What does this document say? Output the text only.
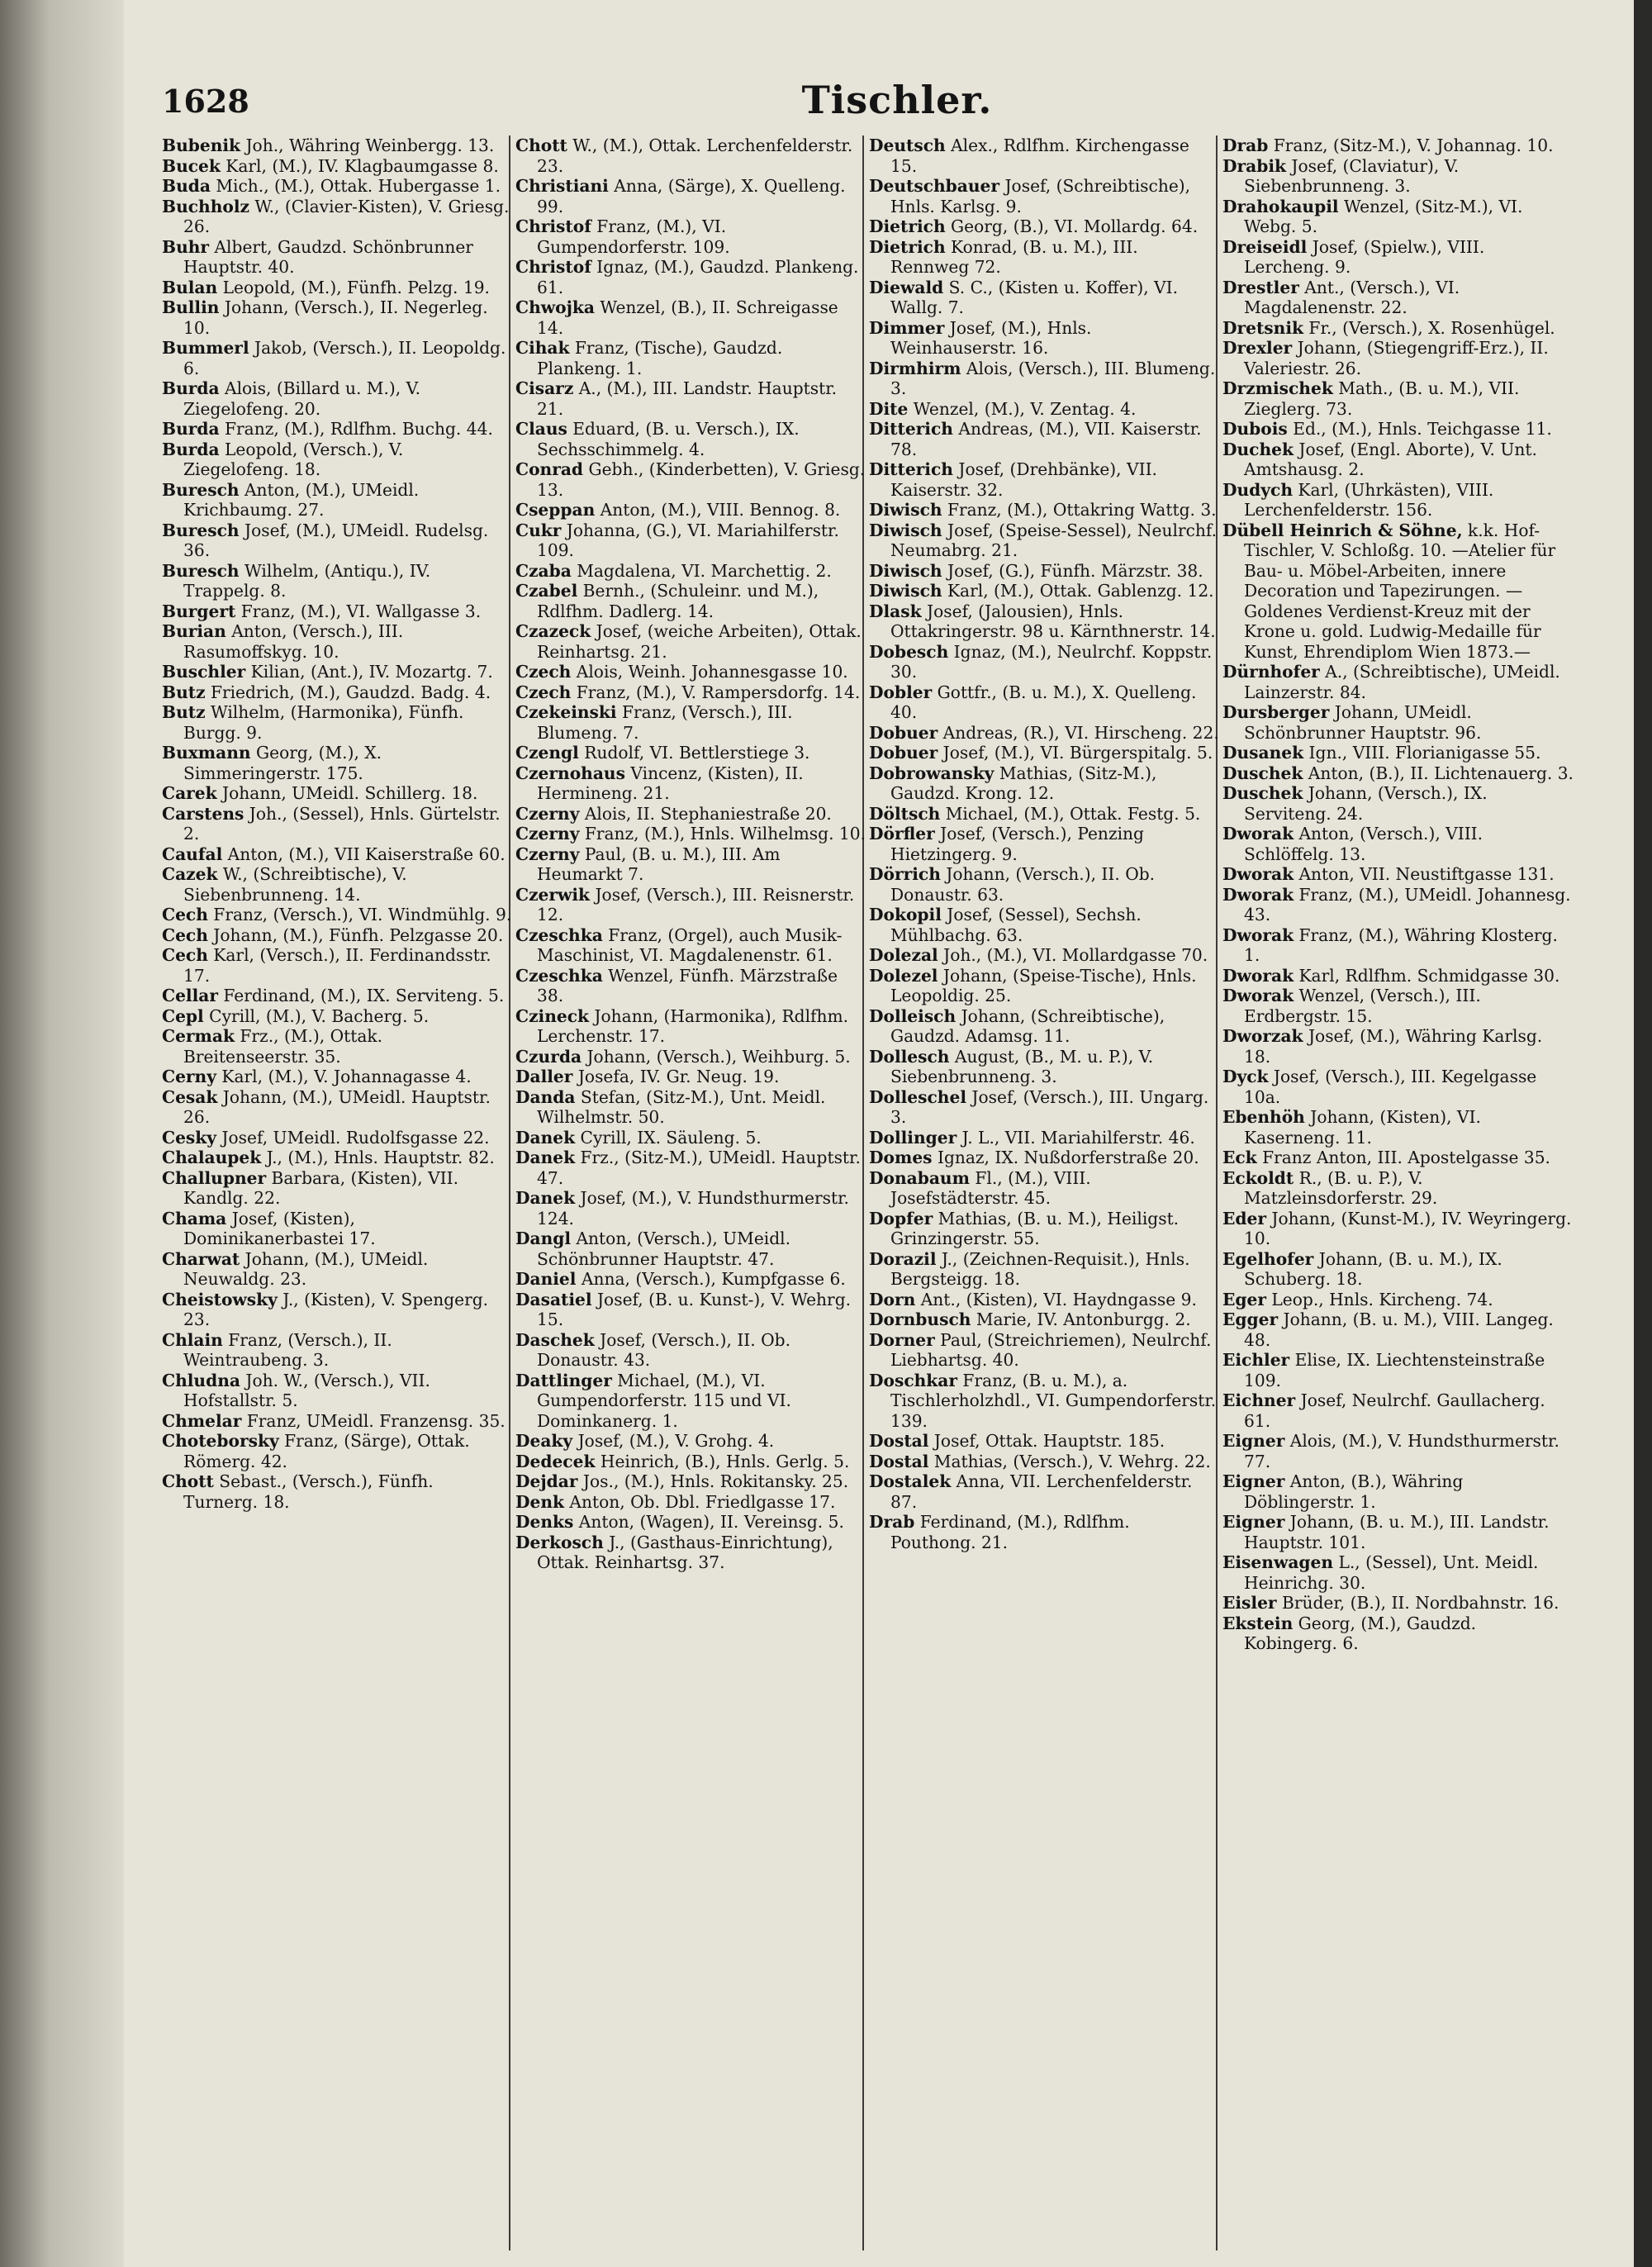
1628	Tischler.
Bubenik Joh., Währing Weinbergg. 13.
Bucek Karl, (M.), IV. Klagbaumgasse 8.
Buda Mich., (M.), Ottak. Hubergasse 1.
Buchholz W., (Clavier-Kisten), V. Griesg. 26.
Buhr Albert, Gaudzd. Schönbrunner Hauptstr. 40.
Bulan Leopold, (M.), Fünfh. Pelzg. 19.
Bullin Johann, (Versch.), II. Negerleg. 10.
Bummerl Jakob, (Versch.), II. Leopoldg. 6.
Burda Alois, (Billard u. M.), V. Ziegelofeng. 20.
Burda Franz, (M.), Rdlfhm. Buchg. 44.
Burda Leopold, (Versch.), V. Ziegelofeng. 18.
Buresch Anton, (M.), UMeidl. Krichbaumg. 27.
Buresch Josef, (M.), UMeidl. Rudelsg. 36.
Buresch Wilhelm, (Antiqu.), IV. Trappelg. 8.
Burgert Franz, (M.), VI. Wallgasse 3.
Burian Anton, (Versch.), III. Rasumoffskyg. 10.
Buschler Kilian, (Ant.), IV. Mozartg. 7.
Butz Friedrich, (M.), Gaudzd. Badg. 4.
Butz Wilhelm, (Harmonika), Fünfh. Burgg. 9.
Buxmann Georg, (M.), X. Simmeringerstr. 175.
Carek Johann, UMeidl. Schillerg. 18.
Carstens Joh., (Sessel), Hnls. Gürtelstr. 2.
Caufal Anton, (M.), VII Kaiserstraße 60.
Cazek W., (Schreibtische), V. Siebenbrunneng. 14.
Cech Franz, (Versch.), VI. Windmühlg. 9.
Cech Johann, (M.), Fünfh. Pelzgasse 20.
Cech Karl, (Versch.), II. Ferdinandsstr. 17.
Cellar Ferdinand, (M.), IX. Serviteng. 5.
Cepl Cyrill, (M.), V. Bacherg. 5.
Cermak Frz., (M.), Ottak. Breitenseerstr. 35.
Cerny Karl, (M.), V. Johannagasse 4.
Cesak Johann, (M.), UMeidl. Hauptstr. 26.
Cesky Josef, UMeidl. Rudolfsgasse 22.
Chalaupek J., (M.), Hnls. Hauptstr. 82.
Challupner Barbara, (Kisten), VII. Kandlg. 22.
Chama Josef, (Kisten), Dominikanerbastei 17.
Charwat Johann, (M.), UMeidl. Neuwaldg. 23.
Cheistowsky J., (Kisten), V. Spengerg. 23.
Chlain Franz, (Versch.), II. Weintraubeng. 3.
Chludna Joh. W., (Versch.), VII. Hofstallstr. 5.
Chmelar Franz, UMeidl. Franzensg. 35.
Choteborsky Franz, (Särge), Ottak. Römerg. 42.
Chott Sebast., (Versch.), Fünfh. Turnerg. 18.
Chott W., (M.), Ottak. Lerchenfelderstr. 23.
Christiani Anna, (Särge), X. Quelleng. 99.
Christof Franz, (M.), VI. Gumpendorferstr. 109.
Christof Ignaz, (M.), Gaudzd. Plankeng. 61.
Chwojka Wenzel, (B.), II. Schreigasse 14.
Cihak Franz, (Tische), Gaudzd. Plankeng. 1.
Cisarz A., (M.), III. Landstr. Hauptstr. 21.
Claus Eduard, (B. u. Versch.), IX. Sechsschimmelg. 4.
Conrad Gebh., (Kinderbetten), V. Griesg. 13.
Cseppan Anton, (M.), VIII. Bennog. 8.
Cukr Johanna, (G.), VI. Mariahilferstr. 109.
Czaba Magdalena, VI. Marchettig. 2.
Czabel Bernh., (Schuleinr. und M.), Rdlfhm. Dadlerg. 14.
Czazeck Josef, (weiche Arbeiten), Ottak. Reinhartsg. 21.
Czech Alois, Weinh. Johannesgasse 10.
Czech Franz, (M.), V. Rampersdorfg. 14.
Czekeinski Franz, (Versch.), III. Blumeng. 7.
Czengl Rudolf, VI. Bettlerstiege 3.
Czernohaus Vincenz, (Kisten), II. Hermineng. 21.
Czerny Alois, II. Stephaniestraße 20.
Czerny Franz, (M.), Hnls. Wilhelmsg. 10.
Czerny Paul, (B. u. M.), III. Am Heumarkt 7.
Czerwik Josef, (Versch.), III. Reisnerstr. 12.
Czeschka Franz, (Orgel), auch Musik-Maschinist, VI. Magdalenenstr. 61.
Czeschka Wenzel, Fünfh. Märzstraße 38.
Czineck Johann, (Harmonika), Rdlfhm. Lerchenstr. 17.
Czurda Johann, (Versch.), Weihburg. 5.
Daller Josefa, IV. Gr. Neug. 19.
Danda Stefan, (Sitz-M.), Unt. Meidl. Wilhelmstr. 50.
Danek Cyrill, IX. Säuleng. 5.
Danek Frz., (Sitz-M.), UMeidl. Hauptstr. 47.
Danek Josef, (M.), V. Hundsthurmerstr. 124.
Dangl Anton, (Versch.), UMeidl. Schönbrunner Hauptstr. 47.
Daniel Anna, (Versch.), Kumpfgasse 6.
Dasatiel Josef, (B. u. Kunst-), V. Wehrg. 15.
Daschek Josef, (Versch.), II. Ob. Donaustr. 43.
Dattlinger Michael, (M.), VI. Gumpendorferstr. 115 und VI. Dominkanerg. 1.
Deaky Josef, (M.), V. Grohg. 4.
Dedecek Heinrich, (B.), Hnls. Gerlg. 5.
Dejdar Jos., (M.), Hnls. Rokitansky. 25.
Denk Anton, Ob. Dbl. Friedlgasse 17.
Denks Anton, (Wagen), II. Vereinsg. 5.
Derkosch J., (Gasthaus-Einrichtung), Ottak. Reinhartsg. 37.
Deutsch Alex., Rdlfhm. Kirchengasse 15.
Deutschbauer Josef, (Schreibtische), Hnls. Karlsg. 9.
Dietrich Georg, (B.), VI. Mollardg. 64.
Dietrich Konrad, (B. u. M.), III. Rennweg 72.
Diewald S. C., (Kisten u. Koffer), VI. Wallg. 7.
Dimmer Josef, (M.), Hnls. Weinhauserstr. 16.
Dirmhirm Alois, (Versch.), III. Blumeng. 3.
Dite Wenzel, (M.), V. Zentag. 4.
Ditterich Andreas, (M.), VII. Kaiserstr. 78.
Ditterich Josef, (Drehbänke), VII. Kaiserstr. 32.
Diwisch Franz, (M.), Ottakring Wattg. 3.
Diwisch Josef, (Speise-Sessel), Neulrchf. Neumabrg. 21.
Diwisch Josef, (G.), Fünfh. Märzstr. 38.
Diwisch Karl, (M.), Ottak. Gablenzg. 12.
Dlask Josef, (Jalousien), Hnls. Ottakringerstr. 98 u. Kärnthnerstr. 14.
Dobesch Ignaz, (M.), Neulrchf. Koppstr. 30.
Dobler Gottfr., (B. u. M.), X. Quelleng. 40.
Dobuer Andreas, (R.), VI. Hirscheng. 22.
Dobuer Josef, (M.), VI. Bürgerspitalg. 5.
Dobrowansky Mathias, (Sitz-M.), Gaudzd. Krong. 12.
Döltsch Michael, (M.), Ottak. Festg. 5.
Dörfler Josef, (Versch.), Penzing Hietzingerg. 9.
Dörrich Johann, (Versch.), II. Ob. Donaustr. 63.
Dokopil Josef, (Sessel), Sechsh. Mühlbachg. 63.
Dolezal Joh., (M.), VI. Mollardgasse 70.
Dolezel Johann, (Speise-Tische), Hnls. Leopoldig. 25.
Dolleisch Johann, (Schreibtische), Gaudzd. Adamsg. 11.
Dollesch August, (B., M. u. P.), V. Siebenbrunneng. 3.
Dolleschel Josef, (Versch.), III. Ungarg. 3.
Dollinger J. L., VII. Mariahilferstr. 46.
Domes Ignaz, IX. Nußdorferstraße 20.
Donabaum Fl., (M.), VIII. Josefstädterstr. 45.
Dopfer Mathias, (B. u. M.), Heiligst. Grinzingerstr. 55.
Dorazil J., (Zeichnen-Requisit.), Hnls. Bergsteigg. 18.
Dorn Ant., (Kisten), VI. Haydngasse 9.
Dornbusch Marie, IV. Antonburgg. 2.
Dorner Paul, (Streichriemen), Neulrchf. Liebhartsg. 40.
Doschkar Franz, (B. u. M.), a. Tischlerholzhdl., VI. Gumpendorferstr. 139.
Dostal Josef, Ottak. Hauptstr. 185.
Dostal Mathias, (Versch.), V. Wehrg. 22.
Dostalek Anna, VII. Lerchenfelderstr. 87.
Drab Ferdinand, (M.), Rdlfhm. Pouthong. 21.
Drab Franz, (Sitz-M.), V. Johannag. 10.
Drabik Josef, (Claviatur), V. Siebenbrunneng. 3.
Drahokaupil Wenzel, (Sitz-M.), VI. Webg. 5.
Dreiseidl Josef, (Spielw.), VIII. Lercheng. 9.
Drestler Ant., (Versch.), VI. Magdalenenstr. 22.
Dretsnik Fr., (Versch.), X. Rosenhügel.
Drexler Johann, (Stiegengriff-Erz.), II. Valeriestr. 26.
Drzmischek Math., (B. u. M.), VII. Zieglerg. 73.
Dubois Ed., (M.), Hnls. Teichgasse 11.
Duchek Josef, (Engl. Aborte), V. Unt. Amtshausg. 2.
Dudych Karl, (Uhrkästen), VIII. Lerchenfelderstr. 156.
Dübell Heinrich & Söhne, k.k. Hof-Tischler, V. Schloßg. 10. —Atelier für Bau- u. Möbel-Arbeiten, innere Decoration und Tapezirungen. — Goldenes Verdienst-Kreuz mit der Krone u. gold. Ludwig-Medaille für Kunst, Ehrendiplom Wien 1873.—
Dürnhofer A., (Schreibtische), UMeidl. Lainzerstr. 84.
Dursberger Johann, UMeidl. Schönbrunner Hauptstr. 96.
Dusanek Ign., VIII. Florianigasse 55.
Duschek Anton, (B.), II. Lichtenauerg. 3.
Duschek Johann, (Versch.), IX. Serviteng. 24.
Dworak Anton, (Versch.), VIII. Schlöffelg. 13.
Dworak Anton, VII. Neustiftgasse 131.
Dworak Franz, (M.), UMeidl. Johannesg. 43.
Dworak Franz, (M.), Währing Klosterg. 1.
Dworak Karl, Rdlfhm. Schmidgasse 30.
Dworak Wenzel, (Versch.), III. Erdbergstr. 15.
Dworzak Josef, (M.), Währing Karlsg. 18.
Dyck Josef, (Versch.), III. Kegelgasse 10a.
Ebenhöh Johann, (Kisten), VI. Kaserneng. 11.
Eck Franz Anton, III. Apostelgasse 35.
Eckoldt R., (B. u. P.), V. Matzleinsdorferstr. 29.
Eder Johann, (Kunst-M.), IV. Weyringerg. 10.
Egelhofer Johann, (B. u. M.), IX. Schuberg. 18.
Eger Leop., Hnls. Kircheng. 74.
Egger Johann, (B. u. M.), VIII. Langeg. 48.
Eichler Elise, IX. Liechtensteinstraße 109.
Eichner Josef, Neulrchf. Gaullacherg. 61.
Eigner Alois, (M.), V. Hundsthurmerstr. 77.
Eigner Anton, (B.), Währing Döblingerstr. 1.
Eigner Johann, (B. u. M.), III. Landstr. Hauptstr. 101.
Eisenwagen L., (Sessel), Unt. Meidl. Heinrichg. 30.
Eisler Brüder, (B.), II. Nordbahnstr. 16.
Ekstein Georg, (M.), Gaudzd. Kobingerg. 6.
